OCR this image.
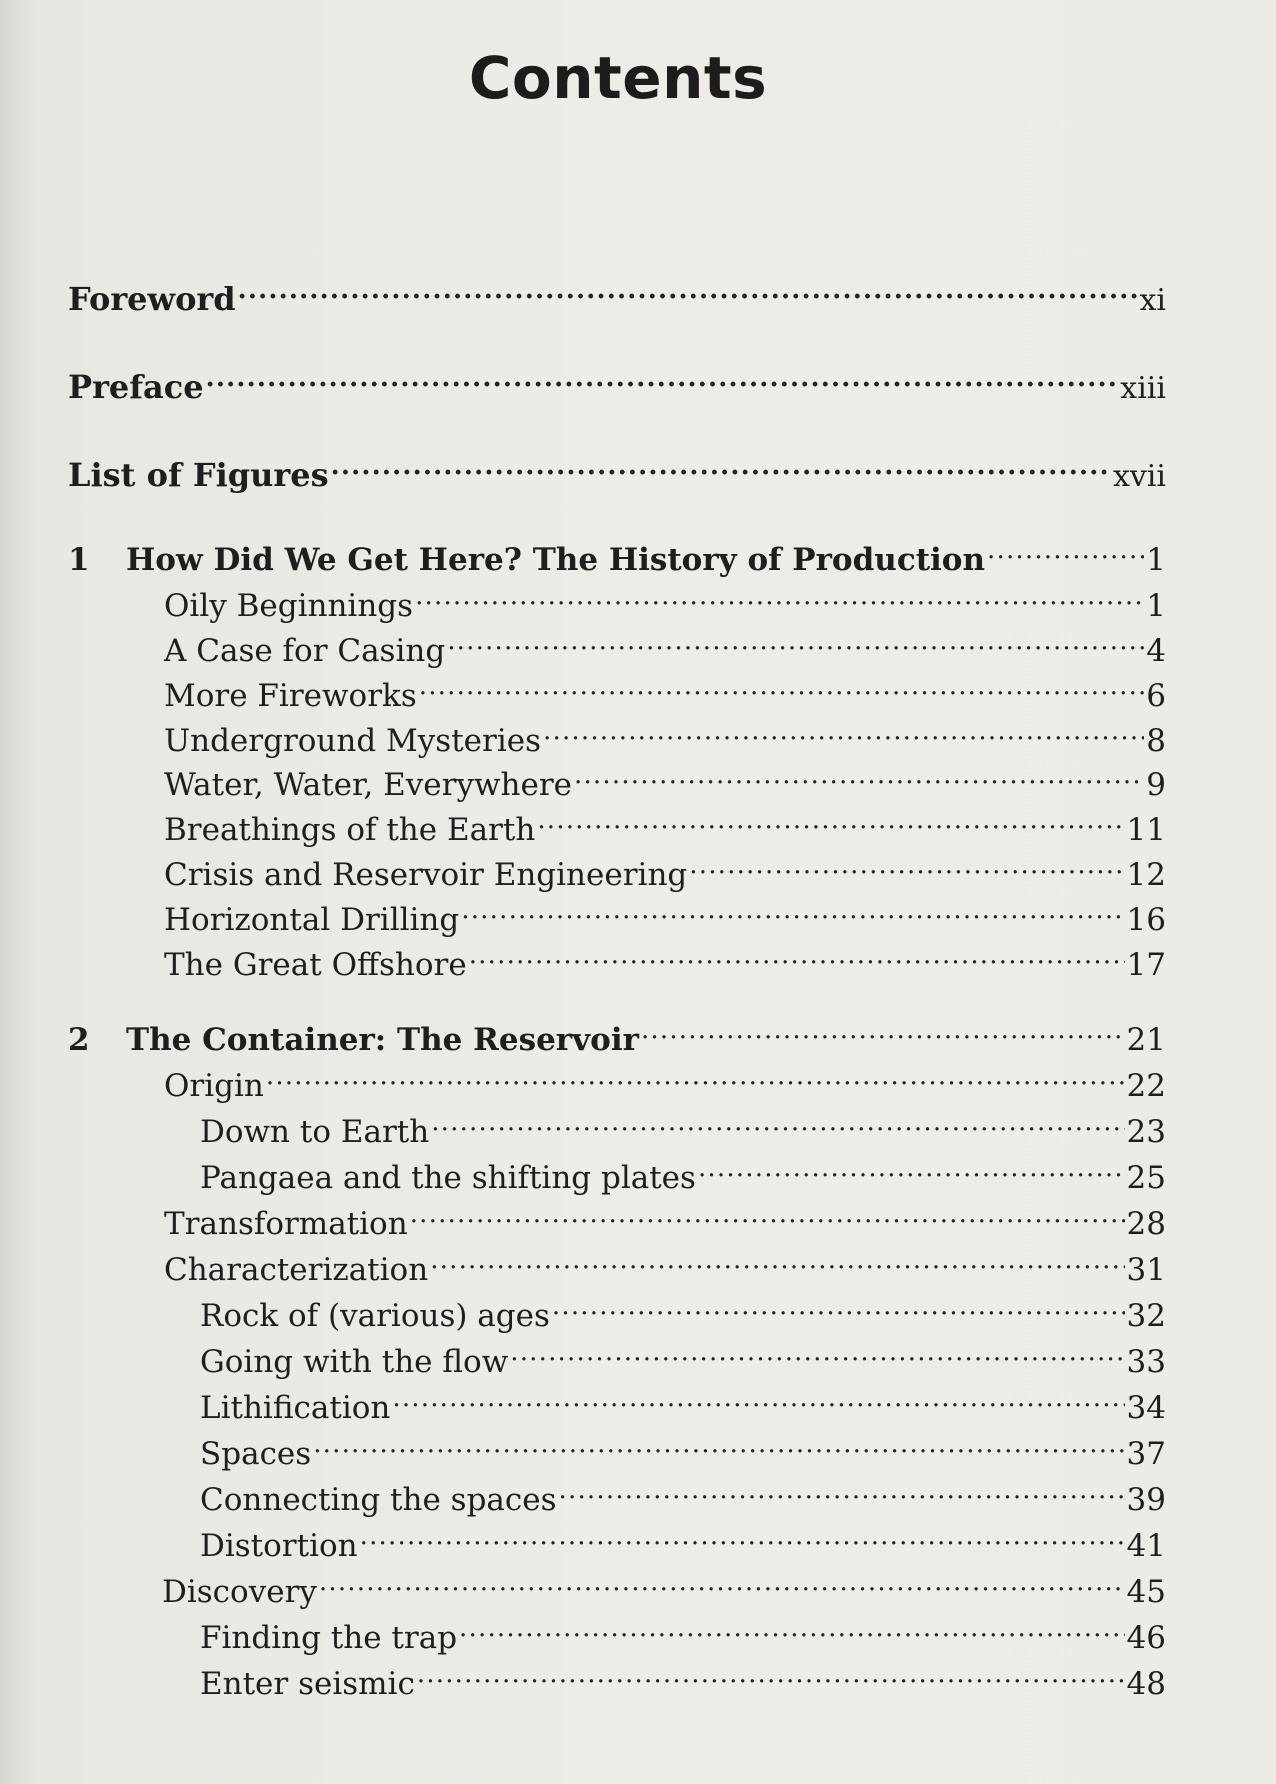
Contents
Foreword .....	xi
Preface .....	xiii
List of Figures .....	xvii
1	How Did We Get Here? The History of Production .....	1
Oily Beginnings .....	1
A Case for Casing .....	4
More Fireworks .....	6
Underground Mysteries .....	8
Water, Water, Everywhere .....	9
Breathings of the Earth .....	11
Crisis and Reservoir Engineering .....	12
Horizontal Drilling .....	16
The Great Offshore .....	17
2	The Container: The Reservoir .....	21
Origin .....	22
Down to Earth .....	23
Pangaea and the shifting plates .....	25
Transformation .....	28
Characterization .....	31
Rock of (various) ages .....	32
Going with the flow .....	33
Lithification .....	34
Spaces .....	37
Connecting the spaces .....	39
Distortion .....	41
Discovery .....	45
Finding the trap .....	46
Enter seismic .....	48
